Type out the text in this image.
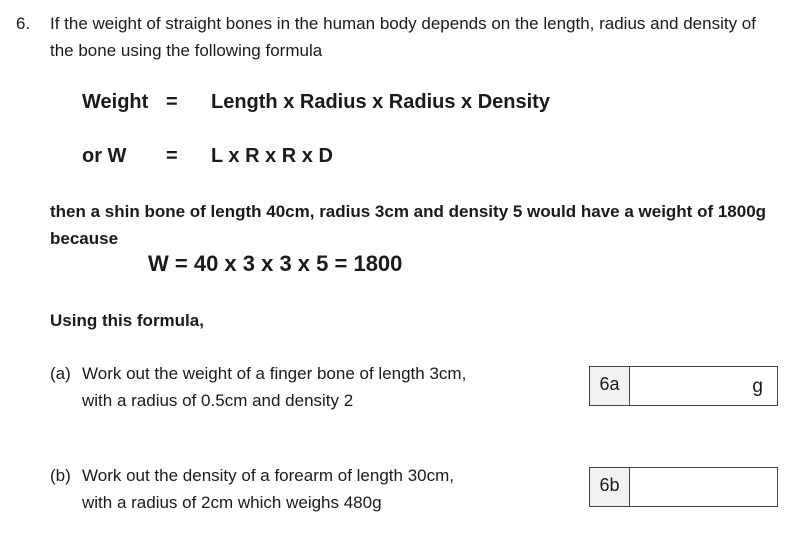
6. If the weight of straight bones in the human body depends on the length, radius and density of
the bone using the following formula
Weight = Length x Radius x Radius x Density
or W = L x R x R x D
then a shin bone of length 40cm, radius 3cm and density 5 would have a weight of 1800g
because
W = 40 x 3 x 3 x 5 = 1800
Using this formula,
(a) Work out the weight of a finger bone of length 3cm,
with a radius of 0.5cm and density 2
6a	g
(b) Work out the density of a forearm of length 30cm,
with a radius of 2cm which weighs 480g
6b
